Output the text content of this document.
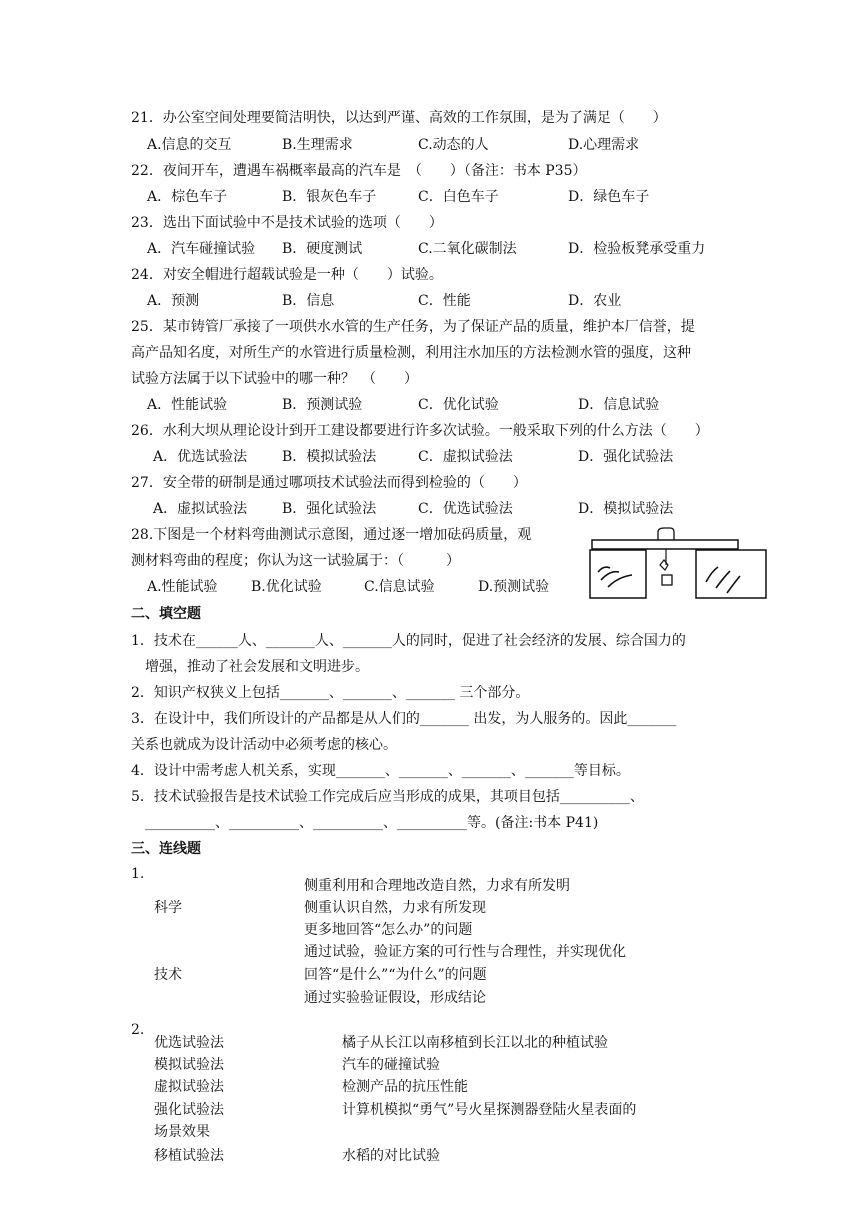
21．办公室空间处理要简洁明快，以达到严谨、高效的工作氛围，是为了满足（　　）
A.信息的交互	B.生理需求	C.动态的人	D.心理需求
22．夜间开车，遭遇车祸概率最高的汽车是　（　　）（备注：书本 P35）
A．棕色车子	B．银灰色车子	C．白色车子	D．绿色车子
23．选出下面试验中不是技术试验的选项（　　）
A．汽车碰撞试验 B．硬度测试	C.二氧化碳制法	D．检验板凳承受重力
24．对安全帽进行超载试验是一种（　　）试验。
A．预测	B．信息	C．性能	D．农业
25．某市铸管厂承接了一项供水水管的生产任务，为了保证产品的质量，维护本厂信誉，提
高产品知名度，对所生产的水管进行质量检测，利用注水加压的方法检测水管的强度，这种
试验方法属于以下试验中的哪一种？　（　　）
A．性能试验	B．预测试验	C．优化试验	D．信息试验
26．水利大坝从理论设计到开工建设都要进行许多次试验。一般采取下列的什么方法（　　）
A．优选试验法 B．模拟试验法	C．虚拟试验法	D．强化试验法
27．安全带的研制是通过哪项技术试验法而得到检验的（　　）
A．虚拟试验法 B．强化试验法	C．优选试验法	D．模拟试验法
28.下图是一个材料弯曲测试示意图，通过逐一增加砝码质量，观
测材料弯曲的程度；你认为这一试验属于：（　　　）
A.性能试验 B.优化试验	C.信息试验	D.预测试验
二、填空题
1．技术在______人、_______人、_______人的同时，促进了社会经济的发展、综合国力的
　增强，推动了社会发展和文明进步。
2．知识产权狭义上包括_______、_______、_______ 三个部分。
3．在设计中，我们所设计的产品都是从人们的_______ 出发，为人服务的。因此_______
关系也就成为设计活动中必须考虑的核心。
4．设计中需考虑人机关系，实现_______、_______、_______、_______等目标。
5．技术试验报告是技术试验工作完成后应当形成的成果，其项目包括__________、
　__________、__________、__________、__________等。(备注:书本 P41)
三、连线题
1.
侧重利用和合理地改造自然，力求有所发明
科学	侧重认识自然，力求有所发现
更多地回答“怎么办”的问题
通过试验，验证方案的可行性与合理性，并实现优化
技术	回答“是什么”“为什么”的问题
通过实验验证假设，形成结论
2.
优选试验法	橘子从长江以南移植到长江以北的种植试验
模拟试验法	汽车的碰撞试验
虚拟试验法	检测产品的抗压性能
强化试验法	计算机模拟“勇气”号火星探测器登陆火星表面的
场景效果
移植试验法	水稻的对比试验
